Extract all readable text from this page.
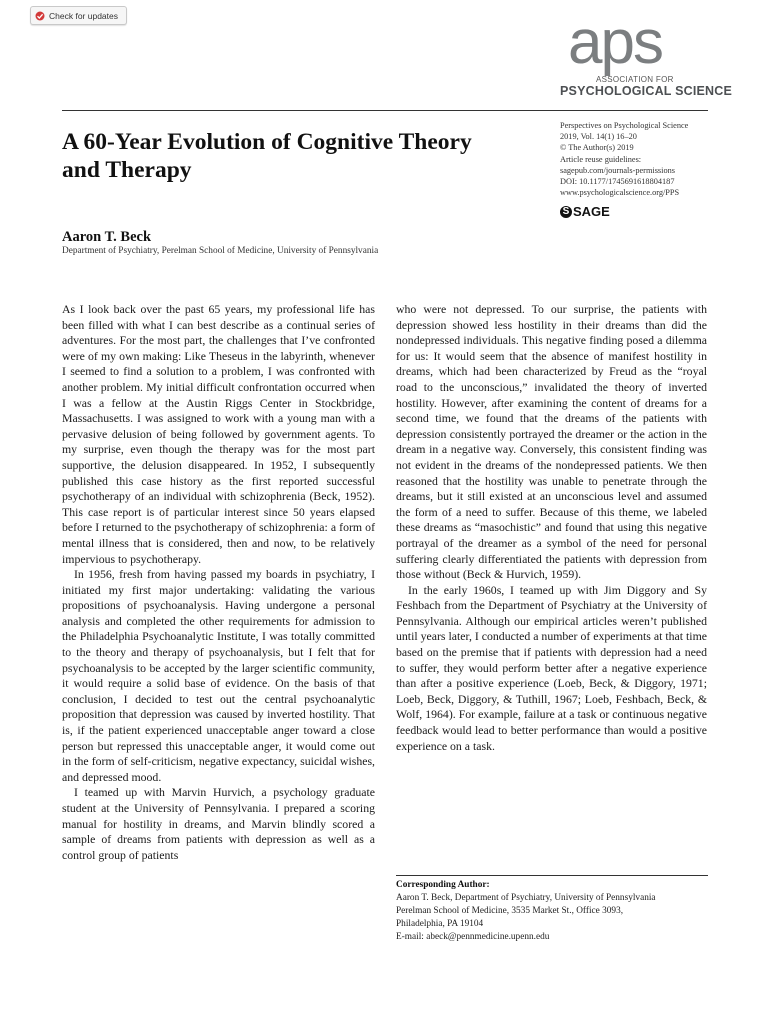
Check for updates	aps
ASSOCIATION FOR
PSYCHOLOGICAL SCIENCE
A 60-Year Evolution of Cognitive Theory and Therapy
Perspectives on Psychological Science
2019, Vol. 14(1) 16–20
© The Author(s) 2019
Article reuse guidelines:
sagepub.com/journals-permissions
DOI: 10.1177/1745691618804187
www.psychologicalscience.org/PPS
S SAGE
Aaron T. Beck
Department of Psychiatry, Perelman School of Medicine, University of Pennsylvania

As I look back over the past 65 years, my professional life has been filled with what I can best describe as a continual series of adventures. For the most part, the challenges that I’ve confronted were of my own making: Like Theseus in the labyrinth, whenever I seemed to find a solution to a problem, I was confronted with another problem. My initial difficult confrontation occurred when I was a fellow at the Austin Riggs Center in Stockbridge, Massachusetts. I was assigned to work with a young man with a pervasive delusion of being followed by government agents. To my surprise, even though the therapy was for the most part supportive, the delusion disappeared. In 1952, I subsequently published this case history as the first reported successful psychotherapy of an individual with schizophrenia (Beck, 1952). This case report is of particular interest since 50 years elapsed before I returned to the psychotherapy of schizophrenia: a form of mental illness that is considered, then and now, to be relatively impervious to psychotherapy.

In 1956, fresh from having passed my boards in psychiatry, I initiated my first major undertaking: validating the various propositions of psychoanalysis. Having undergone a personal analysis and completed the other requirements for admission to the Philadelphia Psychoanalytic Institute, I was totally committed to the theory and therapy of psychoanalysis, but I felt that for psychoanalysis to be accepted by the larger scientific community, it would require a solid base of evidence. On the basis of that conclusion, I decided to test out the central psychoanalytic proposition that depression was caused by inverted hostility. That is, if the patient experienced unacceptable anger toward a close person but repressed this unacceptable anger, it would come out in the form of self-criticism, negative expectancy, suicidal wishes, and depressed mood.

I teamed up with Marvin Hurvich, a psychology graduate student at the University of Pennsylvania. I prepared a scoring manual for hostility in dreams, and Marvin blindly scored a sample of dreams from patients with depression as well as a control group of patients

who were not depressed. To our surprise, the patients with depression showed less hostility in their dreams than did the nondepressed individuals. This negative finding posed a dilemma for us: It would seem that the absence of manifest hostility in dreams, which had been characterized by Freud as the “royal road to the unconscious,” invalidated the theory of inverted hostility. However, after examining the content of dreams for a second time, we found that the dreams of the patients with depression consistently portrayed the dreamer or the action in the dream in a negative way. Conversely, this consistent finding was not evident in the dreams of the nondepressed patients. We then reasoned that the hostility was unable to penetrate through the dreams, but it still existed at an unconscious level and assumed the form of a need to suffer. Because of this theme, we labeled these dreams as “masochistic” and found that using this negative portrayal of the dreamer as a symbol of the need for personal suffering clearly differentiated the patients with depression from those without (Beck & Hurvich, 1959).

In the early 1960s, I teamed up with Jim Diggory and Sy Feshbach from the Department of Psychiatry at the University of Pennsylvania. Although our empirical articles weren’t published until years later, I conducted a number of experiments at that time based on the premise that if patients with depression had a need to suffer, they would perform better after a negative experience than after a positive experience (Loeb, Beck, & Diggory, 1971; Loeb, Beck, Diggory, & Tuthill, 1967; Loeb, Feshbach, Beck, & Wolf, 1964). For example, failure at a task or continuous negative feedback would lead to better performance than would a positive experience on a task.

Corresponding Author:
Aaron T. Beck, Department of Psychiatry, University of Pennsylvania
Perelman School of Medicine, 3535 Market St., Office 3093,
Philadelphia, PA 19104
E-mail: abeck@pennmedicine.upenn.edu
